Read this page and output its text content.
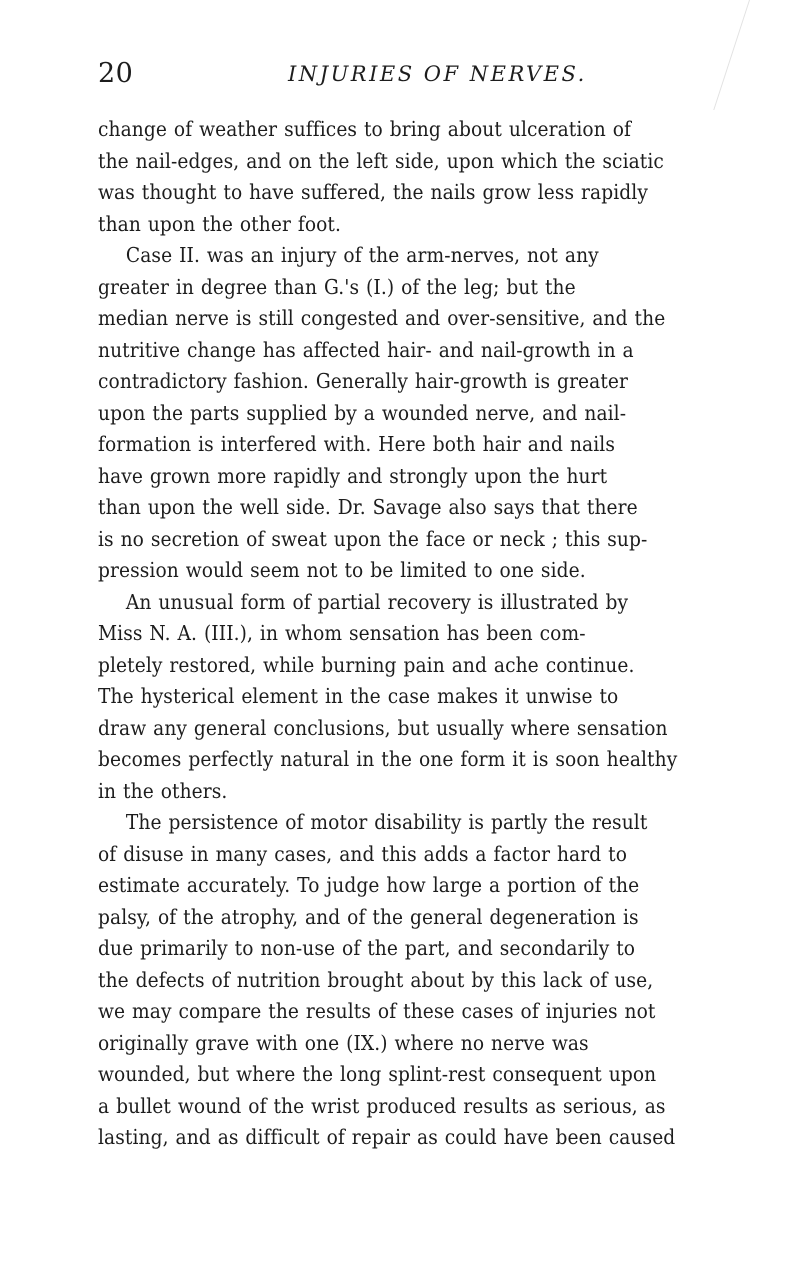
20	INJURIES OF NERVES.
change of weather suffices to bring about ulceration of
the nail-edges, and on the left side, upon which the sciatic
was thought to have suffered, the nails grow less rapidly
than upon the other foot.
Case II. was an injury of the arm-nerves, not any
greater in degree than G.'s (I.) of the leg; but the
median nerve is still congested and over-sensitive, and the
nutritive change has affected hair- and nail-growth in a
contradictory fashion. Generally hair-growth is greater
upon the parts supplied by a wounded nerve, and nail-
formation is interfered with. Here both hair and nails
have grown more rapidly and strongly upon the hurt
than upon the well side. Dr. Savage also says that there
is no secretion of sweat upon the face or neck ; this sup-
pression would seem not to be limited to one side.
An unusual form of partial recovery is illustrated by
Miss N. A. (III.), in whom sensation has been com-
pletely restored, while burning pain and ache continue.
The hysterical element in the case makes it unwise to
draw any general conclusions, but usually where sensation
becomes perfectly natural in the one form it is soon healthy
in the others.
The persistence of motor disability is partly the result
of disuse in many cases, and this adds a factor hard to
estimate accurately. To judge how large a portion of the
palsy, of the atrophy, and of the general degeneration is
due primarily to non-use of the part, and secondarily to
the defects of nutrition brought about by this lack of use,
we may compare the results of these cases of injuries not
originally grave with one (IX.) where no nerve was
wounded, but where the long splint-rest consequent upon
a bullet wound of the wrist produced results as serious, as
lasting, and as difficult of repair as could have been caused
